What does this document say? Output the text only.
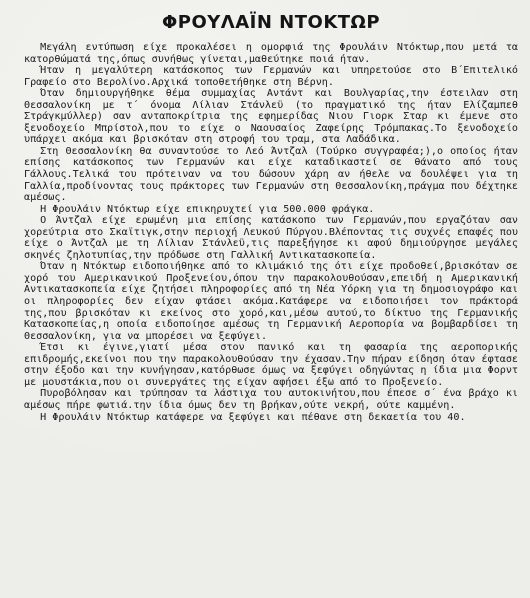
ΦΡΟΥΛΑΪΝ ΝΤΟΚΤΩΡ

Μεγάλη εντύπωση είχε προκαλέσει η ομορφιά της Φρουλάιν Ντόκτωρ,που μετά τα κατορθώματά της,όπως συνήθως γίνεται,μαθεύτηκε ποιά ήταν.

Ήταν η μεγαλύτερη κατάσκοπος των Γερμανών και υπηρετούσε στο Β΄Επιτελικό Γραφείο στο Βερολίνο.Αρχικά τοποθετήθηκε στη Βέρνη.

Όταν δημιουργήθηκε θέμα συμμαχίας Αντάντ και Βουλγαρίας,την έστειλαν στη Θεσσαλονίκη με τ΄ όνομα Λίλιαν Στάνλεϋ (το πραγματικό της ήταν Ελίζαμπεθ Στράγκμύλλερ) σαν ανταποκρίτρια της εφημερίδας Νιου Γιορκ Σταρ κι έμενε στο ξενοδοχείο Μπρίστολ,που το είχε ο Ναουσαίος Ζαφείρης Τρόμπακας.Το ξενοδοχείο υπάρχει ακόμα και βρισκόταν στη στροφή του τραμ, στα Λαδάδικα.

Στη Θεσσαλονίκη θα συναντούσε το Λεό Άντζαλ (Τούρκο συγγραφέα;),ο οποίος ήταν επίσης κατάσκοπος των Γερμανών και είχε καταδικαστεί σε θάνατο από τους Γάλλους.Τελικά του πρότειναν να του δώσουν χάρη αν ήθελε να δουλέψει για τη Γαλλία,προδίνοντας τους πράκτορες των Γερμανών στη Θεσσαλονίκη,πράγμα που δέχτηκε αμέσως.

Η Φρουλάιν Ντόκτωρ είχε επικηρυχτεί για 500.000 φράγκα.

Ο Άντζαλ είχε ερωμένη μια επίσης κατάσκοπο των Γερμανών,που εργαζόταν σαν χορεύτρια στο Σκαϊτιγκ,στην περιοχή Λευκού Πύργου.Βλέποντας τις συχνές επαφές που είχε ο Άντζαλ με τη Λίλιαν Στάνλεϋ,τις παρεξήγησε κι αφού δημιούργησε μεγάλες σκηνές ζηλοτυπίας,την πρόδωσε στη Γαλλική Αντικατασκοπεία.

Όταν η Ντόκτωρ ειδοποιήθηκε από το κλιμάκιό της ότι είχε προδοθεί,βρισκόταν σε χορό του Αμερικανικού Προξενείου,όπου την παρακολουθούσαν,επειδή η Αμερικανική Αντικατασκοπεία είχε ζητήσει πληροφορίες από τη Νέα Υόρκη για τη δημοσιογράφο και οι πληροφορίες δεν είχαν φτάσει ακόμα.Κατάφερε να ειδοποιήσει τον πράκτορά της,που βρισκόταν κι εκείνος στο χορό,και,μέσω αυτού,το δίκτυο της Γερμανικής Κατασκοπείας,η οποία ειδοποίησε αμέσως τη Γερμανική Αεροπορία να βομβαρδίσει τη Θεσσαλονίκη, για να μπορέσει να ξεφύγει.

Έτσι κι έγινε,γιατί μέσα στον πανικό και τη φασαρία της αεροπορικής επιδρομής,εκείνοι που την παρακολουθούσαν την έχασαν.Την πήραν είδηση όταν έφτασε στην έξοδο και την κυνήγησαν,κατόρθωσε όμως να ξεφύγει οδηγώντας η ίδια μια Φορντ με μουστάκια,που οι συνεργάτες της είχαν αφήσει έξω από το Προξενείο.

Πυροβόλησαν και τρύπησαν τα λάστιχα του αυτοκινήτου,που έπεσε σ΄ ένα βράχο κι αμέσως πήρε φωτιά.την ίδια όμως δεν τη βρήκαν,ούτε νεκρή, ούτε καμμένη.

Η Φρουλάιν Ντόκτωρ κατάφερε να ξεφύγει και πέθανε στη δεκαετία του 40.
